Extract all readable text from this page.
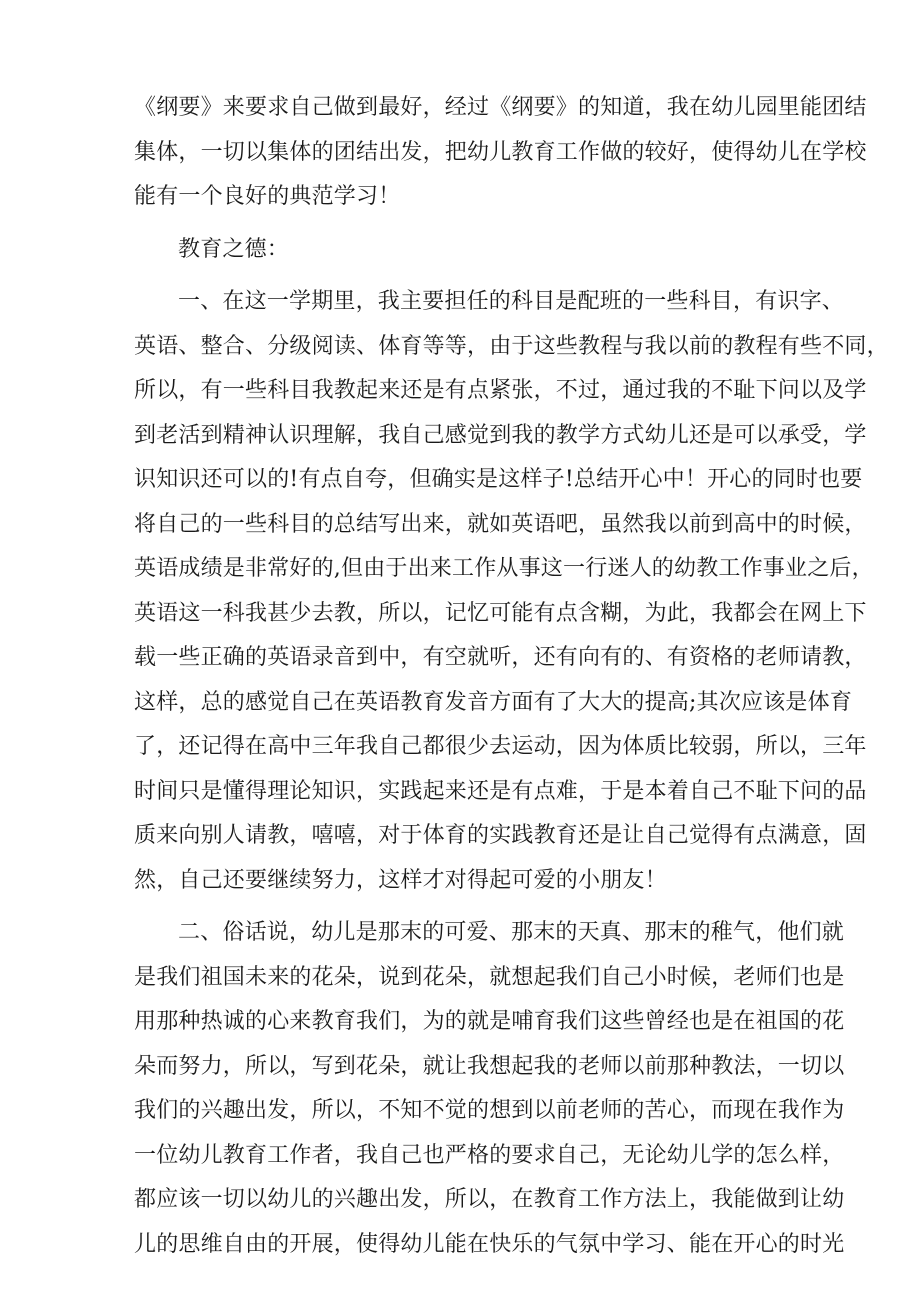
《纲要》来要求自己做到最好，经过《纲要》的知道，我在幼儿园里能团结
集体，一切以集体的团结出发，把幼儿教育工作做的较好，使得幼儿在学校
能有一个良好的典范学习！
教育之德：
一、在这一学期里，我主要担任的科目是配班的一些科目，有识字、
英语、整合、分级阅读、体育等等，由于这些教程与我以前的教程有些不同，
所以，有一些科目我教起来还是有点紧张，不过，通过我的不耻下问以及学
到老活到精神认识理解，我自己感觉到我的教学方式幼儿还是可以承受，学
识知识还可以的!有点自夸，但确实是这样子!总结开心中！开心的同时也要
将自己的一些科目的总结写出来，就如英语吧，虽然我以前到高中的时候，
英语成绩是非常好的,但由于出来工作从事这一行迷人的幼教工作事业之后，
英语这一科我甚少去教，所以，记忆可能有点含糊，为此，我都会在网上下
载一些正确的英语录音到中，有空就听，还有向有的、有资格的老师请教，
这样，总的感觉自己在英语教育发音方面有了大大的提高;其次应该是体育
了，还记得在高中三年我自己都很少去运动，因为体质比较弱，所以，三年
时间只是懂得理论知识，实践起来还是有点难，于是本着自己不耻下问的品
质来向别人请教，嘻嘻，对于体育的实践教育还是让自己觉得有点满意，固
然，自己还要继续努力，这样才对得起可爱的小朋友！
二、俗话说，幼儿是那末的可爱、那末的天真、那末的稚气，他们就
是我们祖国未来的花朵，说到花朵，就想起我们自己小时候，老师们也是
用那种热诚的心来教育我们，为的就是哺育我们这些曾经也是在祖国的花
朵而努力，所以，写到花朵，就让我想起我的老师以前那种教法，一切以
我们的兴趣出发，所以，不知不觉的想到以前老师的苦心，而现在我作为
一位幼儿教育工作者，我自己也严格的要求自己，无论幼儿学的怎么样，
都应该一切以幼儿的兴趣出发，所以，在教育工作方法上，我能做到让幼
儿的思维自由的开展，使得幼儿能在快乐的气氛中学习、能在开心的时光
